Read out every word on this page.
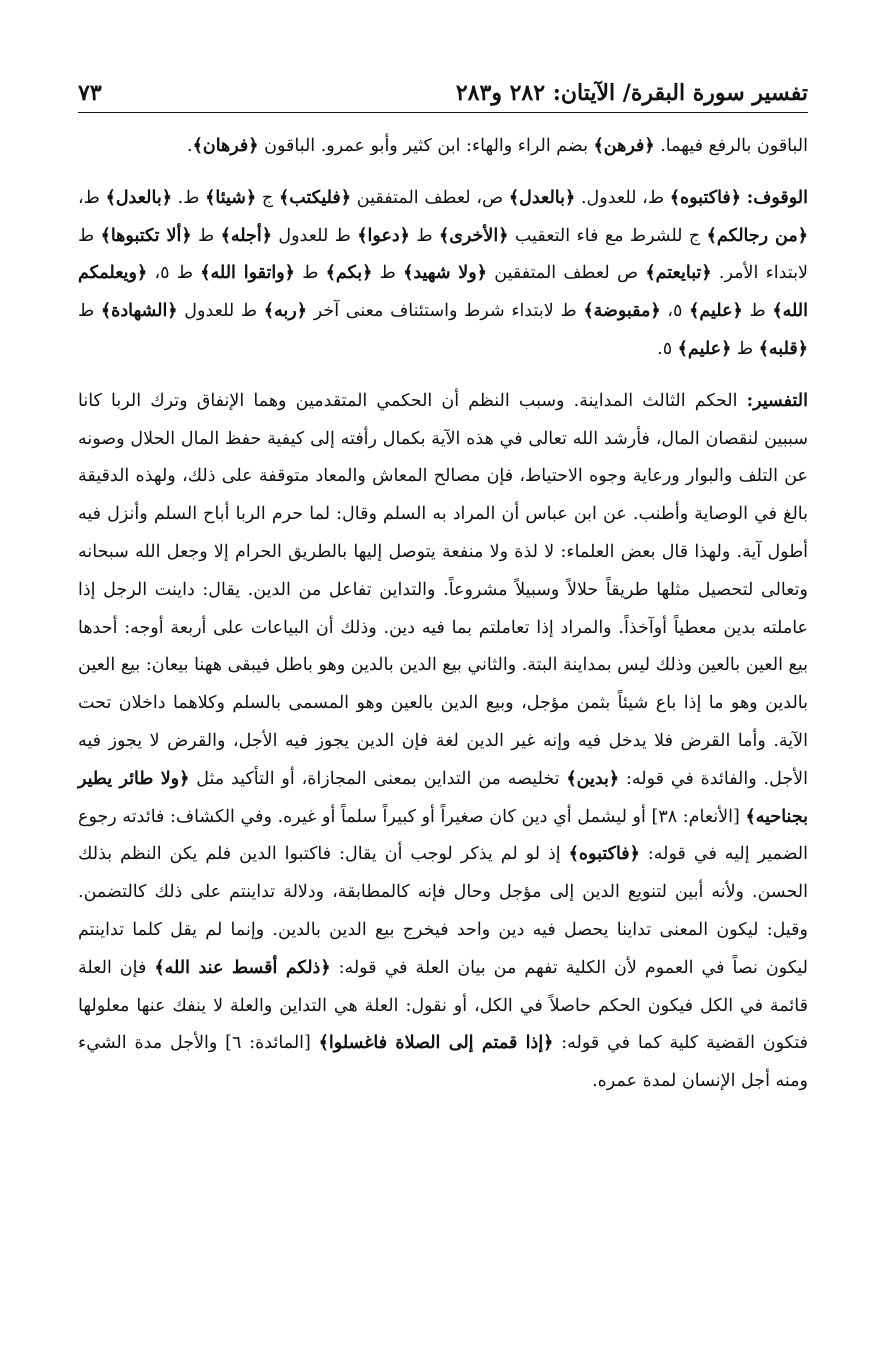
تفسير سورة البقرة/ الآيتان: ٢٨٢ و٢٨٣
٧٣

الباقون بالرفع فيهما. ﴿فرهن﴾ بضم الراء والهاء: ابن كثير وأبو عمرو. الباقون ﴿فرهان﴾.

الوقوف: ﴿فاكتبوه﴾ ط، للعدول. ﴿بالعدل﴾ ص، لعطف المتفقين ﴿فليكتب﴾ ج ﴿شيئا﴾ ط. ﴿بالعدل﴾ ط، ﴿من رجالكم﴾ ج للشرط مع فاء التعقيب ﴿الأخرى﴾ ط ﴿دعوا﴾ ط للعدول ﴿أجله﴾ ط ﴿ألا تكتبوها﴾ ط لابتداء الأمر. ﴿تبايعتم﴾ ص لعطف المتفقين ﴿ولا شهيد﴾ ط ﴿بكم﴾ ط ﴿واتقوا الله﴾ ط ٥، ﴿ويعلمكم الله﴾ ط ﴿عليم﴾ ٥، ﴿مقبوضة﴾ ط لابتداء شرط واستئناف معنى آخر ﴿ربه﴾ ط للعدول ﴿الشهادة﴾ ط ﴿قلبه﴾ ط ﴿عليم﴾ ٥.

التفسير: الحكم الثالث المداينة. وسبب النظم أن الحكمي المتقدمين وهما الإنفاق وترك الربا كانا سببين لنقصان المال، فأرشد الله تعالى في هذه الآية بكمال رأفته إلى كيفية حفظ المال الحلال وصونه عن التلف والبوار ورعاية وجوه الاحتياط، فإن مصالح المعاش والمعاد متوقفة على ذلك، ولهذه الدقيقة بالغ في الوصاية وأطنب. عن ابن عباس أن المراد به السلم وقال: لما حرم الربا أباح السلم وأنزل فيه أطول آية. ولهذا قال بعض العلماء: لا لذة ولا منفعة يتوصل إليها بالطريق الحرام إلا وجعل الله سبحانه وتعالى لتحصيل مثلها طريقاً حلالاً وسبيلاً مشروعاً. والتداين تفاعل من الدين. يقال: داينت الرجل إذا عاملته بدين معطياً أوآخذاً. والمراد إذا تعاملتم بما فيه دين. وذلك أن البياعات على أربعة أوجه: أحدها بيع العين بالعين وذلك ليس بمداينة البتة. والثاني بيع الدين بالدين وهو باطل فيبقى ههنا بيعان: بيع العين بالدين وهو ما إذا باع شيئاً بثمن مؤجل، وبيع الدين بالعين وهو المسمى بالسلم وكلاهما داخلان تحت الآية. وأما القرض فلا يدخل فيه وإنه غير الدين لغة فإن الدين يجوز فيه الأجل، والقرض لا يجوز فيه الأجل. والفائدة في قوله: ﴿بدين﴾ تخليصه من التداين بمعنى المجازاة، أو التأكيد مثل ﴿ولا طائر يطير بجناحيه﴾ [الأنعام: ٣٨] أو ليشمل أي دين كان صغيراً أو كبيراً سلماً أو غيره. وفي الكشاف: فائدته رجوع الضمير إليه في قوله: ﴿فاكتبوه﴾ إذ لو لم يذكر لوجب أن يقال: فاكتبوا الدين فلم يكن النظم بذلك الحسن. ولأنه أبين لتنويع الدين إلى مؤجل وحال فإنه كالمطابقة، ودلالة تداينتم على ذلك كالتضمن. وقيل: ليكون المعنى تداينا يحصل فيه دين واحد فيخرج بيع الدين بالدين. وإنما لم يقل كلما تداينتم ليكون نصاً في العموم لأن الكلية تفهم من بيان العلة في قوله: ﴿ذلكم أقسط عند الله﴾ فإن العلة قائمة في الكل فيكون الحكم حاصلاً في الكل، أو نقول: العلة هي التداين والعلة لا ينفك عنها معلولها فتكون القضية كلية كما في قوله: ﴿إذا قمتم إلى الصلاة فاغسلوا﴾ [المائدة: ٦] والأجل مدة الشيء ومنه أجل الإنسان لمدة عمره.
